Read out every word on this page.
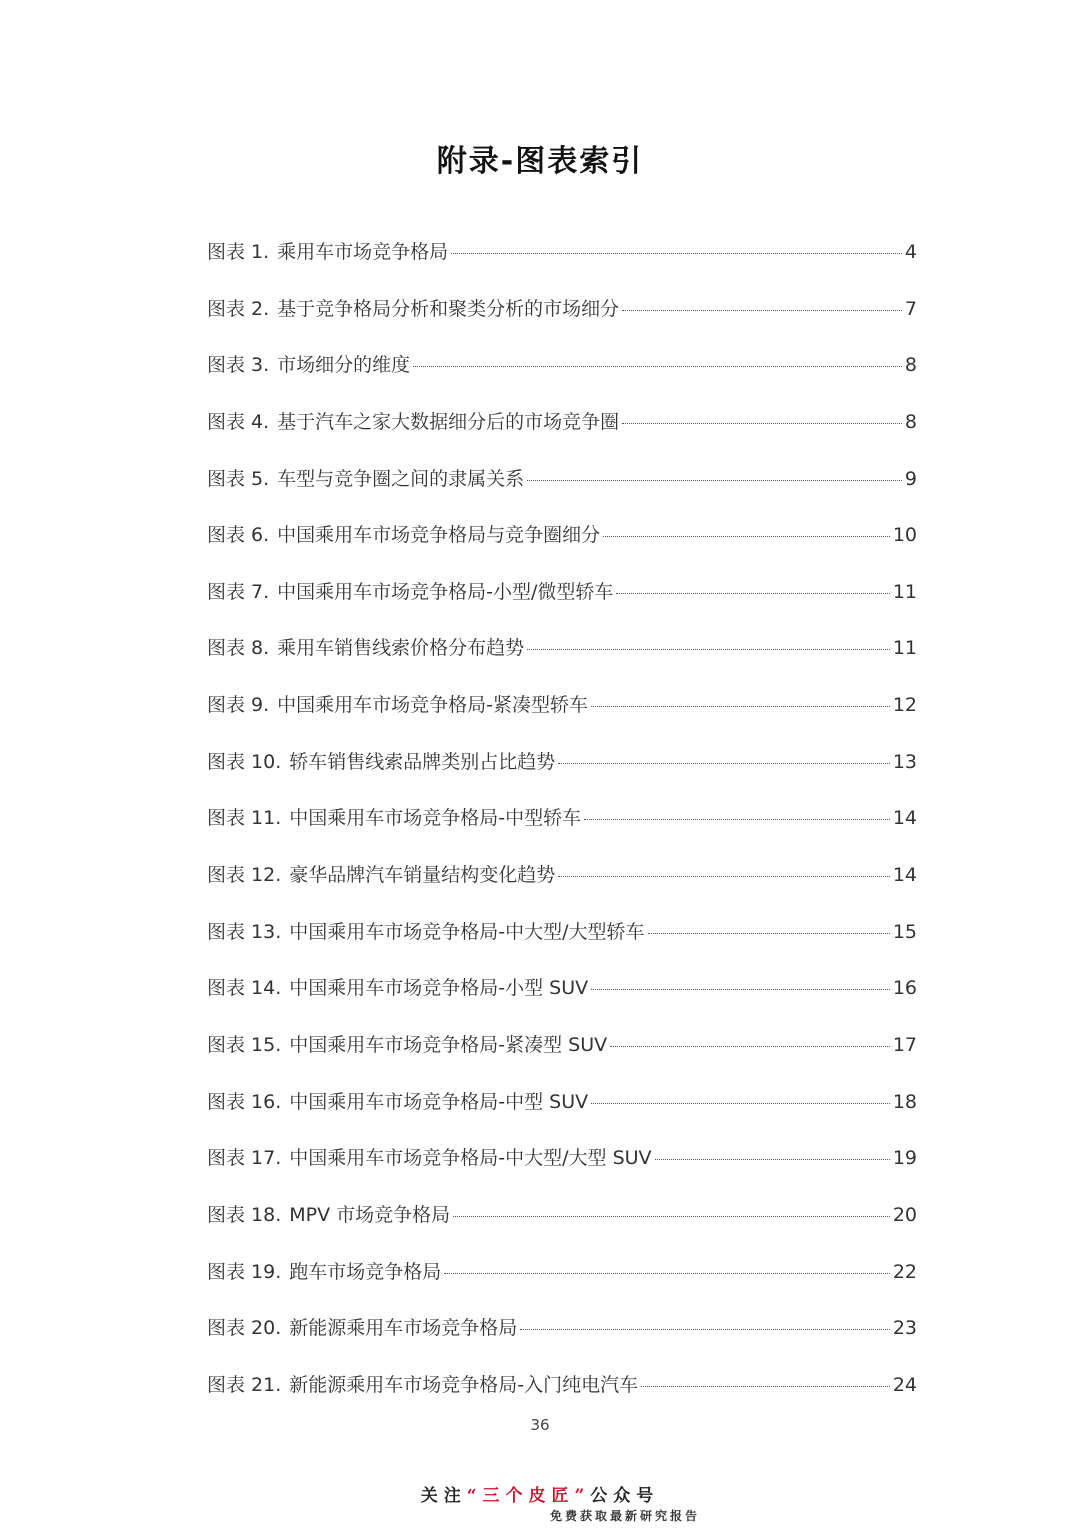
附录-图表索引
图表 1. 乘用车市场竞争格局	4
图表 2. 基于竞争格局分析和聚类分析的市场细分	7
图表 3. 市场细分的维度	8
图表 4. 基于汽车之家大数据细分后的市场竞争圈	8
图表 5. 车型与竞争圈之间的隶属关系	9
图表 6. 中国乘用车市场竞争格局与竞争圈细分	10
图表 7. 中国乘用车市场竞争格局-小型/微型轿车	11
图表 8. 乘用车销售线索价格分布趋势	11
图表 9. 中国乘用车市场竞争格局-紧凑型轿车	12
图表 10. 轿车销售线索品牌类别占比趋势	13
图表 11. 中国乘用车市场竞争格局-中型轿车	14
图表 12. 豪华品牌汽车销量结构变化趋势	14
图表 13. 中国乘用车市场竞争格局-中大型/大型轿车	15
图表 14. 中国乘用车市场竞争格局-小型 SUV	16
图表 15. 中国乘用车市场竞争格局-紧凑型 SUV	17
图表 16. 中国乘用车市场竞争格局-中型 SUV	18
图表 17. 中国乘用车市场竞争格局-中大型/大型 SUV	19
图表 18. MPV 市场竞争格局	20
图表 19. 跑车市场竞争格局	22
图表 20. 新能源乘用车市场竞争格局	23
图表 21. 新能源乘用车市场竞争格局-入门纯电汽车	24
36
关注“三个皮匠”公众号
免费获取最新研究报告
